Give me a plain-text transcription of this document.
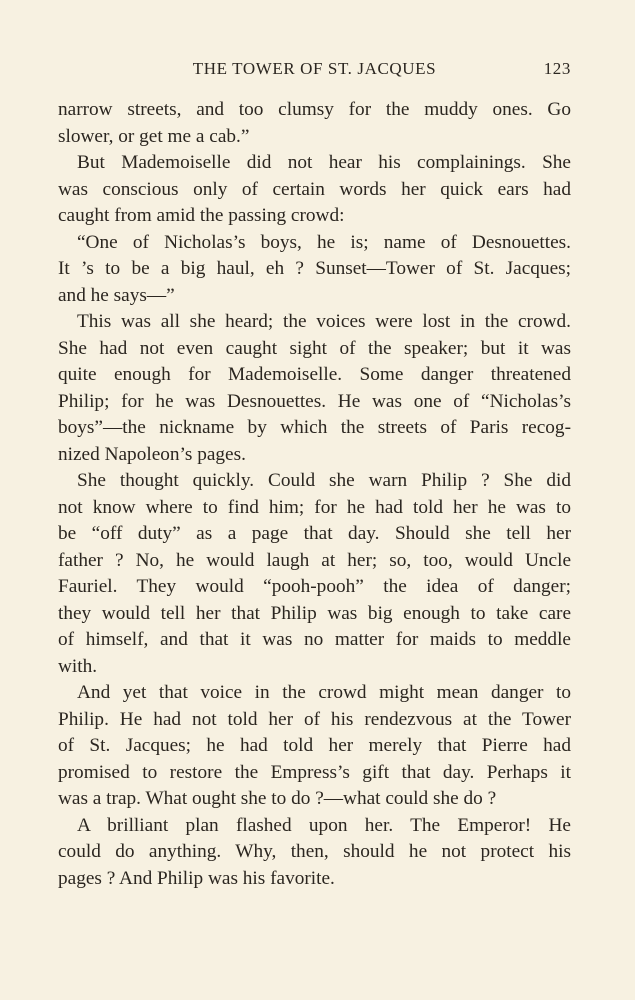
THE TOWER OF ST. JACQUES	123
narrow streets, and too clumsy for the muddy ones. Go
slower, or get me a cab.”
But Mademoiselle did not hear his complainings. She
was conscious only of certain words her quick ears had
caught from amid the passing crowd:
“One of Nicholas’s boys, he is; name of Desnouettes.
It ’s to be a big haul, eh ? Sunset—Tower of St. Jacques;
and he says—”
This was all she heard; the voices were lost in the crowd.
She had not even caught sight of the speaker; but it was
quite enough for Mademoiselle. Some danger threatened
Philip; for he was Desnouettes. He was one of “Nicholas’s
boys”—the nickname by which the streets of Paris recog-
nized Napoleon’s pages.
She thought quickly. Could she warn Philip ? She did
not know where to find him; for he had told her he was to
be “off duty” as a page that day. Should she tell her
father ? No, he would laugh at her; so, too, would Uncle
Fauriel. They would “pooh-pooh” the idea of danger;
they would tell her that Philip was big enough to take care
of himself, and that it was no matter for maids to meddle
with.
And yet that voice in the crowd might mean danger to
Philip. He had not told her of his rendezvous at the Tower
of St. Jacques; he had told her merely that Pierre had
promised to restore the Empress’s gift that day. Perhaps it
was a trap. What ought she to do ?—what could she do ?
A brilliant plan flashed upon her. The Emperor! He
could do anything. Why, then, should he not protect his
pages ? And Philip was his favorite.
